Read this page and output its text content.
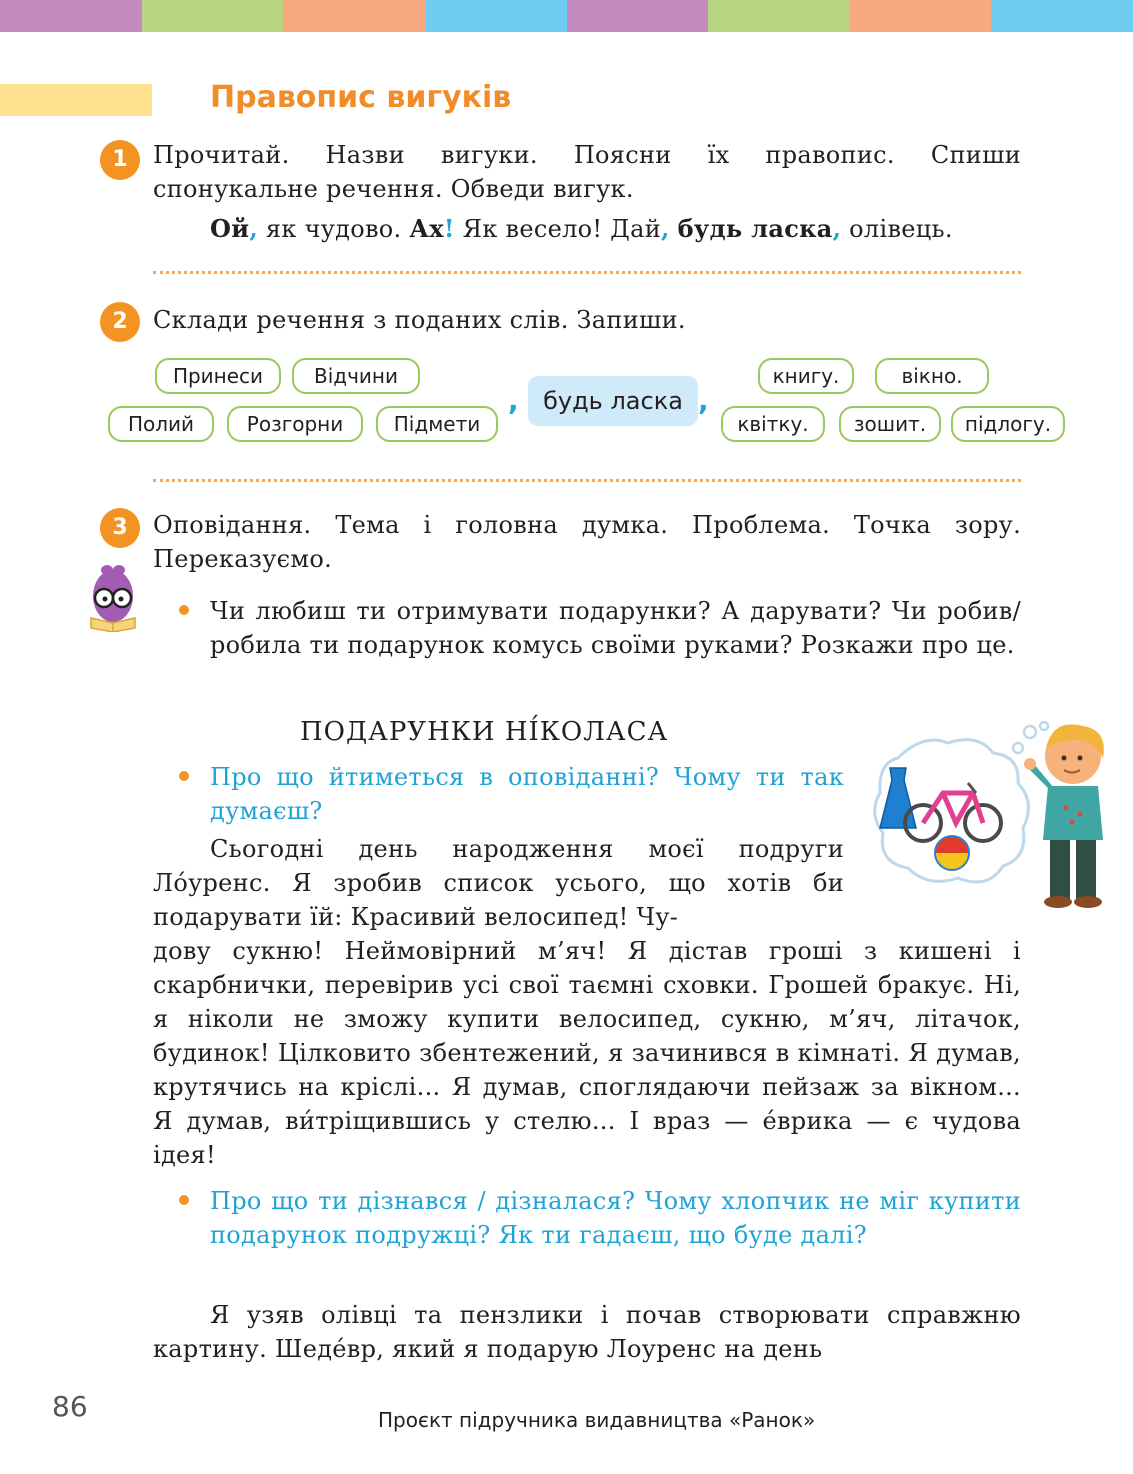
Правопис вигуків
1	Прочитай. Назви вигуки. Поясни їх правопис. Спиши спонукальне речення. Обведи вигук.

Ой, як чудово. Ах! Як весело! Дай, будь ласка, олівець.

2	Склади речення з поданих слів. Запиши.

Принеси	Відчини
Полий	Розгорни	Підмети
,	будь ласка ,
книгу.	вікно.
квітку.	зошит.	підлогу.
3	Оповідання. Тема і головна думка. Проблема. Точка зору. Переказуємо.

Чи любиш ти отримувати подарунки? А дарувати? Чи робив/робила ти подарунок комусь своїми руками? Розкажи про це.

ПОДАРУНКИ НІ́КОЛАСА

Про що йтиметься в оповіданні? Чому ти так думаєш?

Сьогодні день народження моєї подруги Ло́уренс. Я зробив список усього, що хотів би подарувати їй: Красивий велосипед! Чу-

дову сукню! Неймовірний м’яч! Я дістав гроші з кишені і скарбнички, перевірив усі свої таємні сховки. Грошей бракує. Ні, я ніколи не зможу купити велосипед, сукню, м’яч, літачок, будинок! Цілковито збентежений, я зачинився в кімнаті. Я думав, крутячись на кріслі... Я думав, споглядаючи пейзаж за вікном... Я думав, ви́тріщившись у стелю... І враз — е́врика — є чудова ідея!

Про що ти дізнався / дізналася? Чому хлопчик не міг купити подарунок подружці? Як ти гадаєш, що буде далі?

Я узяв олівці та пензлики і почав створювати справжню картину. Шеде́вр, який я подарую Лоуренс на день

86	Проєкт підручника видавництва «Ранок»
